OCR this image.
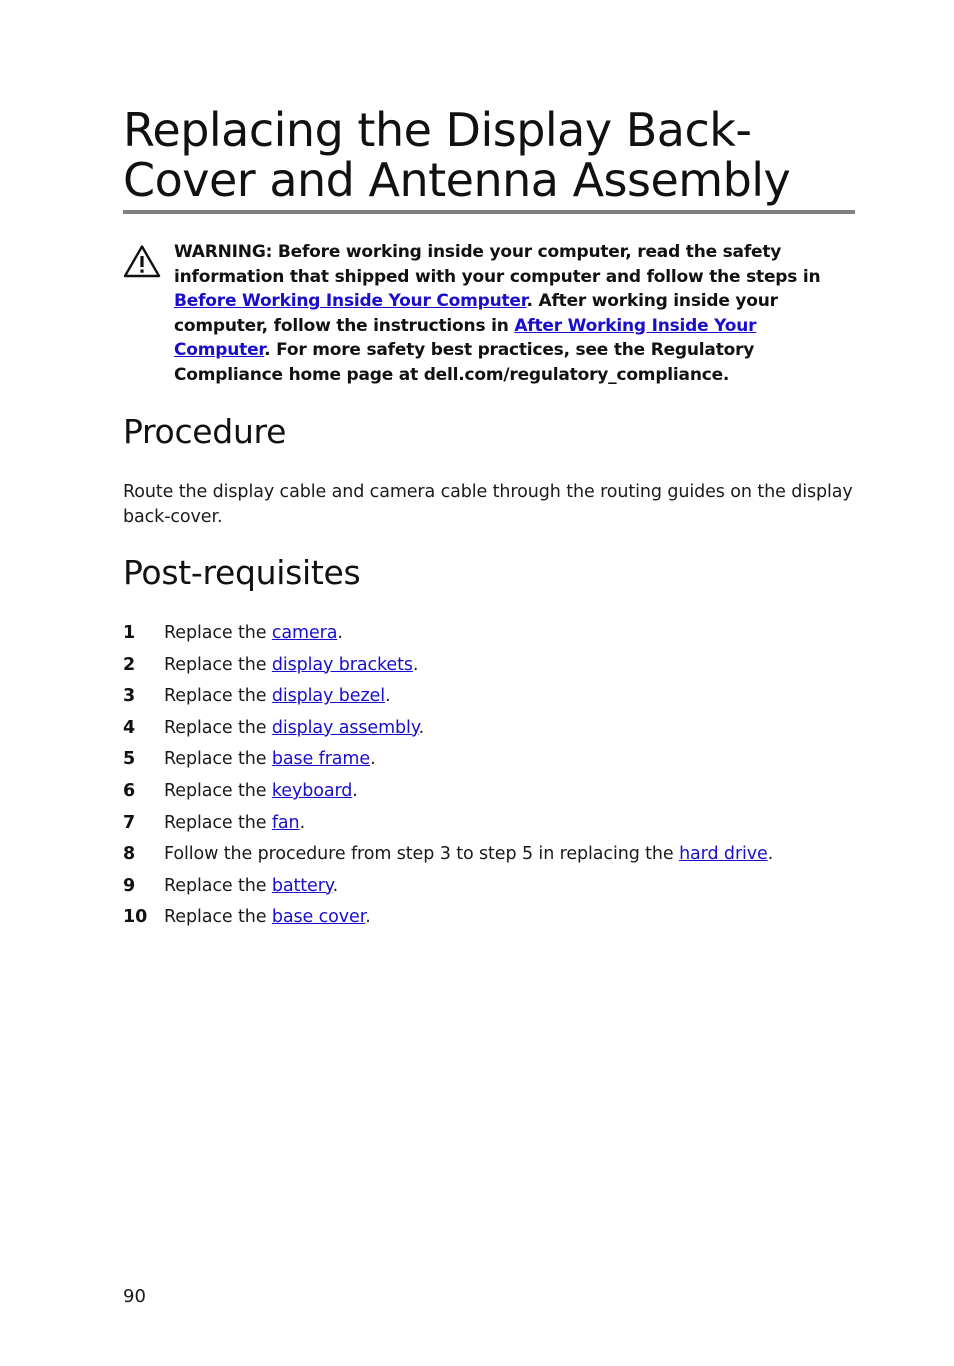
Replacing the Display Back-
Cover and Antenna Assembly

WARNING: Before working inside your computer, read the safety information that shipped with your computer and follow the steps in Before Working Inside Your Computer. After working inside your computer, follow the instructions in After Working Inside Your Computer. For more safety best practices, see the Regulatory Compliance home page at dell.com/regulatory_compliance.

Procedure

Route the display cable and camera cable through the routing guides on the display back-cover.

Post-requisites
1 Replace the camera.
2 Replace the display brackets.
3 Replace the display bezel.
4 Replace the display assembly.
5 Replace the base frame.
6 Replace the keyboard.
7 Replace the fan.
8 Follow the procedure from step 3 to step 5 in replacing the hard drive.
9 Replace the battery.
10 Replace the base cover.
90
